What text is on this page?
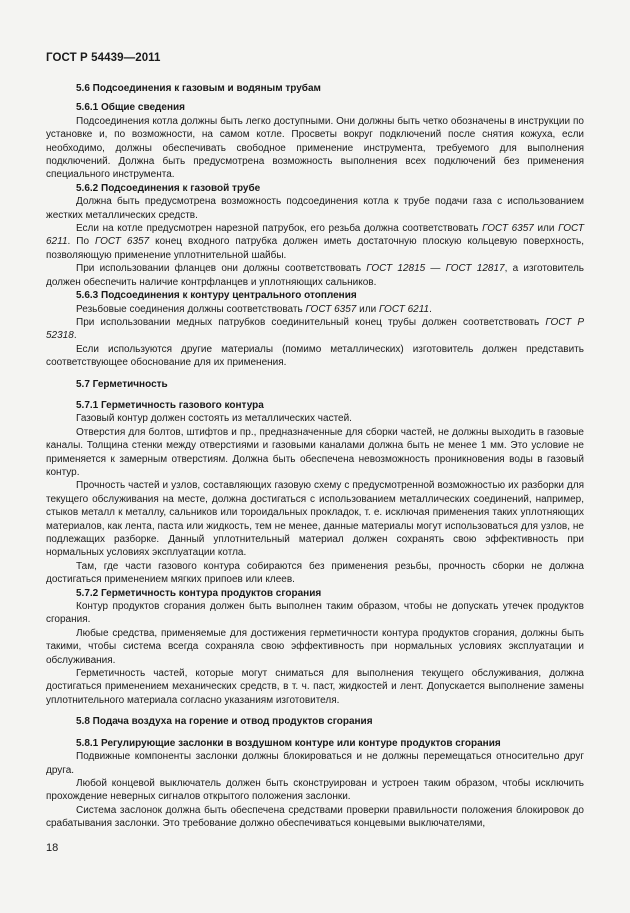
ГОСТ Р 54439—2011

5.6 Подсоединения к газовым и водяным трубам

5.6.1 Общие сведения

Подсоединения котла должны быть легко доступными. Они должны быть четко обозначены в инструкции по установке и, по возможности, на самом котле. Просветы вокруг подключений после снятия кожуха, если необходимо, должны обеспечивать свободное применение инструмента, требуемого для выполнения подключений. Должна быть предусмотрена возможность выполнения всех подключений без применения специального инструмента.

5.6.2 Подсоединения к газовой трубе

Должна быть предусмотрена возможность подсоединения котла к трубе подачи газа с использованием жестких металлических средств.

Если на котле предусмотрен нарезной патрубок, его резьба должна соответствовать ГОСТ 6357 или ГОСТ 6211. По ГОСТ 6357 конец входного патрубка должен иметь достаточную плоскую кольцевую поверхность, позволяющую применение уплотнительной шайбы.

При использовании фланцев они должны соответствовать ГОСТ 12815 — ГОСТ 12817, а изготовитель должен обеспечить наличие контрфланцев и уплотняющих сальников.

5.6.3 Подсоединения к контуру центрального отопления

Резьбовые соединения должны соответствовать ГОСТ 6357 или ГОСТ 6211.

При использовании медных патрубков соединительный конец трубы должен соответствовать ГОСТ Р 52318.

Если используются другие материалы (помимо металлических) изготовитель должен представить соответствующее обоснование для их применения.

5.7 Герметичность

5.7.1 Герметичность газового контура

Газовый контур должен состоять из металлических частей.

Отверстия для болтов, штифтов и пр., предназначенные для сборки частей, не должны выходить в газовые каналы. Толщина стенки между отверстиями и газовыми каналами должна быть не менее 1 мм. Это условие не применяется к замерным отверстиям. Должна быть обеспечена невозможность проникновения воды в газовый контур.

Прочность частей и узлов, составляющих газовую схему с предусмотренной возможностью их разборки для текущего обслуживания на месте, должна достигаться с использованием металлических соединений, например, стыков металл к металлу, сальников или тороидальных прокладок, т. е. исключая применения таких уплотняющих материалов, как лента, паста или жидкость, тем не менее, данные материалы могут использоваться для узлов, не подлежащих разборке. Данный уплотнительный материал должен сохранять свою эффективность при нормальных условиях эксплуатации котла.

Там, где части газового контура собираются без применения резьбы, прочность сборки не должна достигаться применением мягких припоев или клеев.

5.7.2 Герметичность контура продуктов сгорания

Контур продуктов сгорания должен быть выполнен таким образом, чтобы не допускать утечек продуктов сгорания.

Любые средства, применяемые для достижения герметичности контура продуктов сгорания, должны быть такими, чтобы система всегда сохраняла свою эффективность при нормальных условиях эксплуатации и обслуживания.

Герметичность частей, которые могут сниматься для выполнения текущего обслуживания, должна достигаться применением механических средств, в т. ч. паст, жидкостей и лент. Допускается выполнение замены уплотнительного материала согласно указаниям изготовителя.

5.8 Подача воздуха на горение и отвод продуктов сгорания

5.8.1 Регулирующие заслонки в воздушном контуре или контуре продуктов сгорания

Подвижные компоненты заслонки должны блокироваться и не должны перемещаться относительно друг друга.

Любой концевой выключатель должен быть сконструирован и устроен таким образом, чтобы исключить прохождение неверных сигналов открытого положения заслонки.

Система заслонок должна быть обеспечена средствами проверки правильности положения блокировок до срабатывания заслонки. Это требование должно обеспечиваться концевыми выключателями,

18
